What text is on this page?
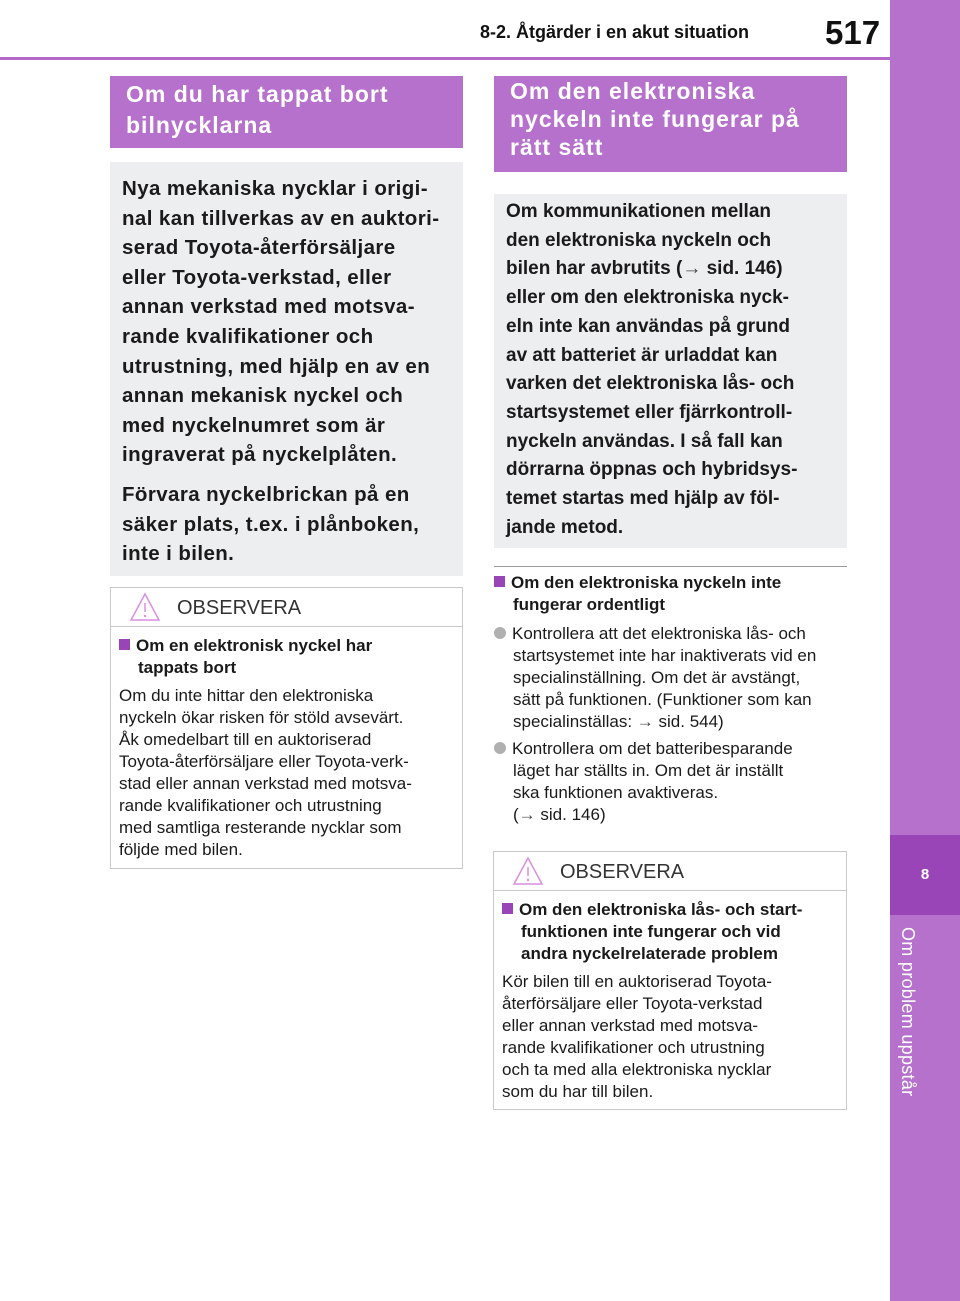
8-2. Åtgärder i en akut situation 517
8
Om problem uppstår
Om du har tappat bort
bilnycklarna

Nya mekaniska nycklar i origi-

nal kan tillverkas av en auktori-

serad Toyota-återförsäljare

eller Toyota-verkstad, eller

annan verkstad med motsva-

rande kvalifikationer och

utrustning, med hjälp en av en

annan mekanisk nyckel och

med nyckelnumret som är

ingraverat på nyckelplåten.

Förvara nyckelbrickan på en

säker plats, t.ex. i plånboken,

inte i bilen.

OBSERVERA
Om en elektronisk nyckel har
tappats bort
Om du inte hittar den elektroniska
nyckeln ökar risken för stöld avsevärt.
Åk omedelbart till en auktoriserad
Toyota-återförsäljare eller Toyota-verk-
stad eller annan verkstad med motsva-
rande kvalifikationer och utrustning
med samtliga resterande nycklar som
följde med bilen.
Om den elektroniska
nyckeln inte fungerar på
rätt sätt

Om kommunikationen mellan

den elektroniska nyckeln och

bilen har avbrutits (→ sid. 146)

eller om den elektroniska nyck-

eln inte kan användas på grund

av att batteriet är urladdat kan

varken det elektroniska lås- och

startsystemet eller fjärrkontroll-

nyckeln användas. I så fall kan

dörrarna öppnas och hybridsys-

temet startas med hjälp av föl-

jande metod.

Om den elektroniska nyckeln inte
fungerar ordentligt
Kontrollera att det elektroniska lås- och
startsystemet inte har inaktiverats vid en
specialinställning. Om det är avstängt,
sätt på funktionen. (Funktioner som kan
specialinställas: → sid. 544)
Kontrollera om det batteribesparande
läget har ställts in. Om det är inställt
ska funktionen avaktiveras.
(→ sid. 146)
OBSERVERA
Om den elektroniska lås- och start-
funktionen inte fungerar och vid
andra nyckelrelaterade problem
Kör bilen till en auktoriserad Toyota-
återförsäljare eller Toyota-verkstad
eller annan verkstad med motsva-
rande kvalifikationer och utrustning
och ta med alla elektroniska nycklar
som du har till bilen.
